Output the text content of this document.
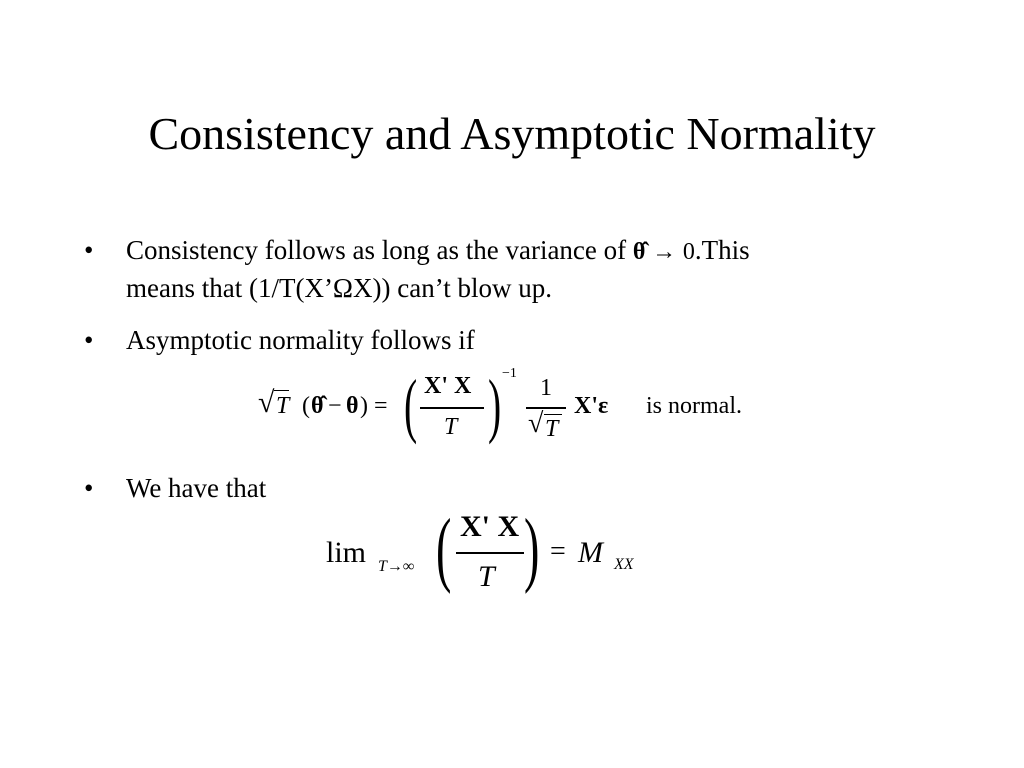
Consistency and Asymptotic Normality
•	Consistency follows as long as the variance of θ̂ → 0.This
means that (1/T(X’ΩX)) can’t blow up.
•	Asymptotic normality follows if
√ T ( θ̂ − θ ) = ( X' X
T ) −1
1
√ T
X'ε is normal.
•	We have that
lim T→∞ ( X' X
T ) = M XX
